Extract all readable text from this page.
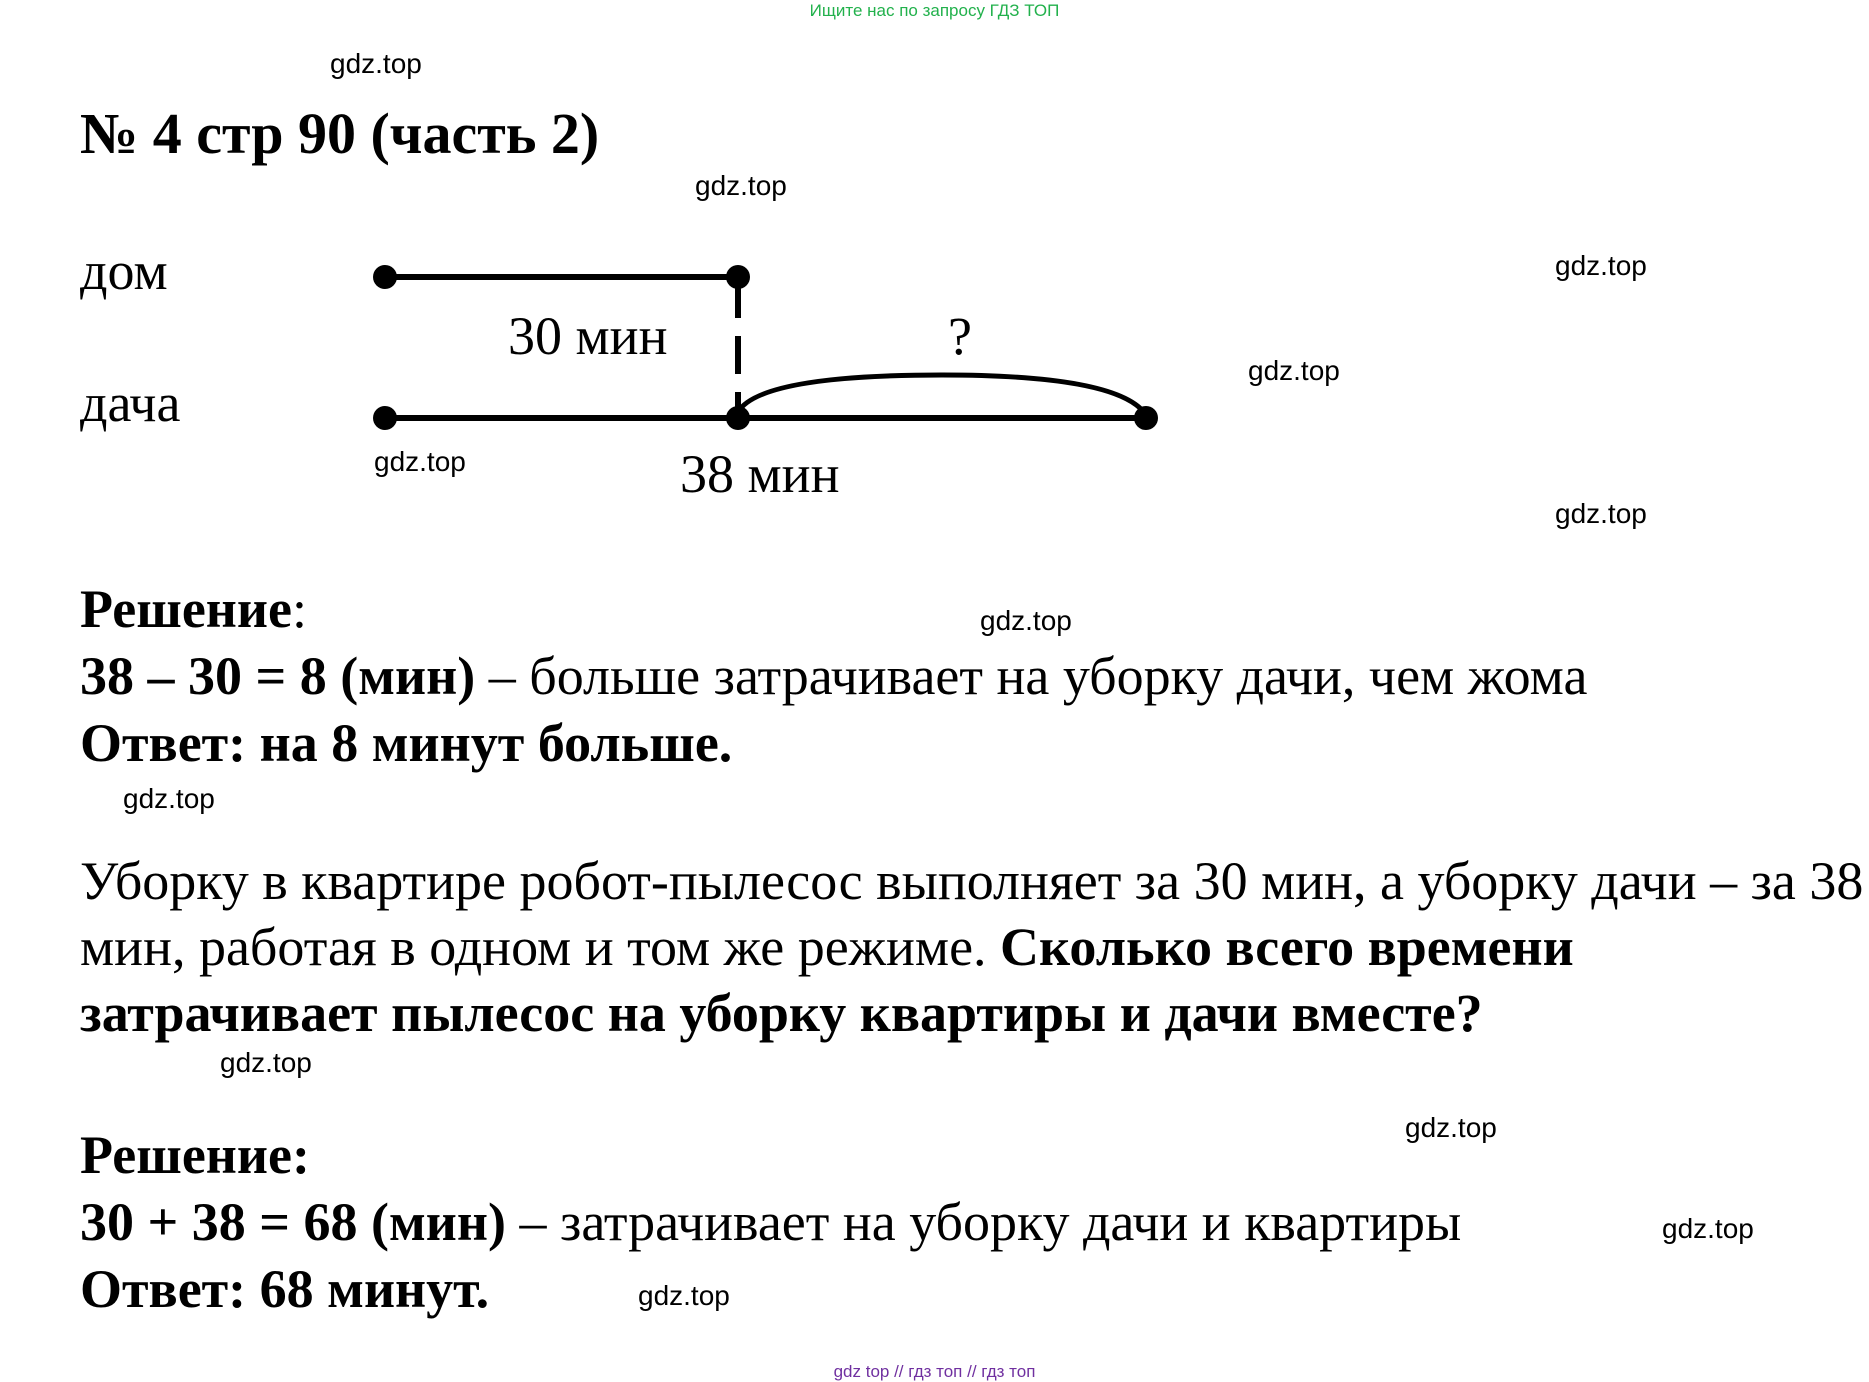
Ищите нас по запросу ГДЗ ТОП
gdz top // гдз топ // гдз топ
gdz.top
gdz.top
gdz.top
gdz.top
gdz.top
gdz.top
gdz.top
gdz.top
gdz.top
gdz.top
gdz.top
gdz.top
№ 4 стр 90 (часть 2)
дом
дача
30 мин	?
38 мин
Решение:
38 – 30 = 8 (мин) – больше затрачивает на уборку дачи, чем жома
Ответ: на 8 минут больше.
Уборку в квартире робот-пылесос выполняет за 30 мин, а уборку дачи – за 38 мин, работая в одном и том же режиме. Сколько всего времени затрачивает пылесос на уборку квартиры и дачи вместе?
Решение:
30 + 38 = 68 (мин) – затрачивает на уборку дачи и квартиры
Ответ: 68 минут.
